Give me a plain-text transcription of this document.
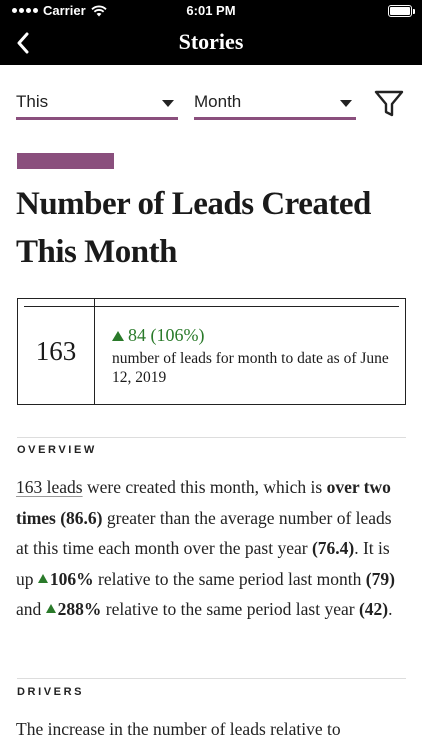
Carrier	6:01 PM
Stories
This	Month
Number of Leads Created This Month
163
84 (106%)
number of leads for month to date as of June 12, 2019
OVERVIEW

163 leads were created this month, which is over two times (86.6) greater than the average number of leads at this time each month over the past year (76.4). It is up 106% relative to the same period last month (79) and 288% relative to the same period last year (42).

DRIVERS

The increase in the number of leads relative to
